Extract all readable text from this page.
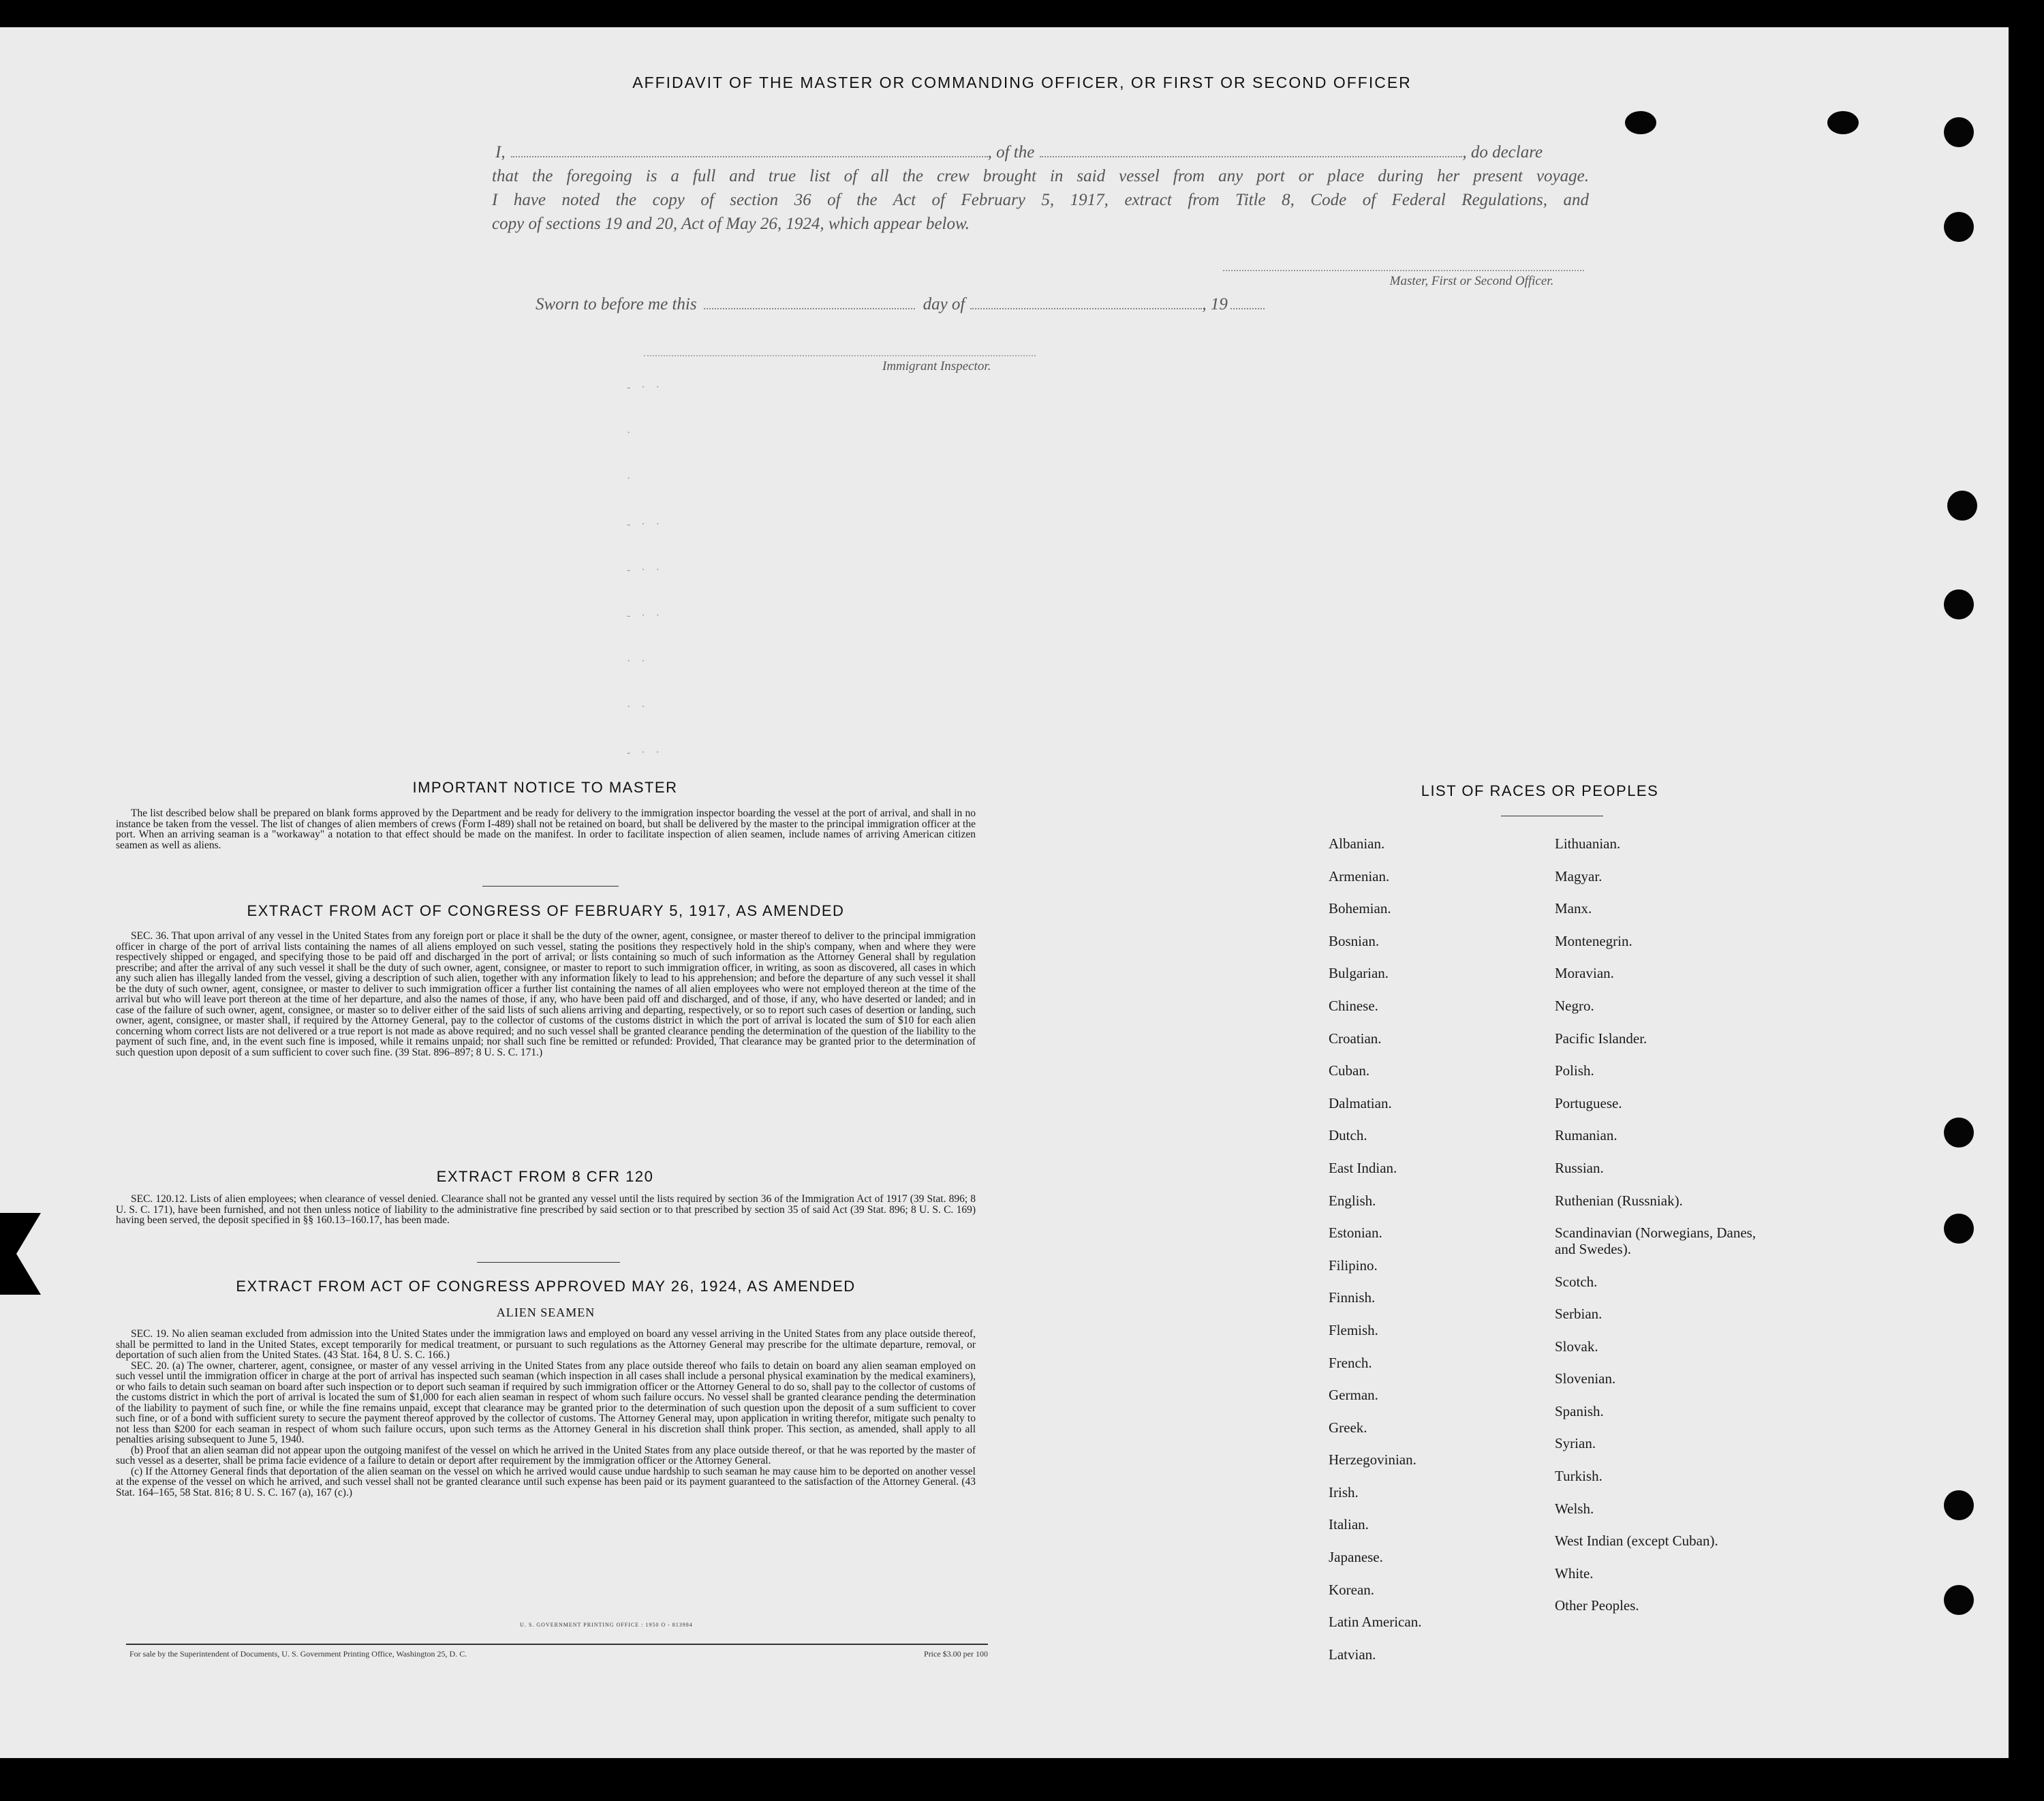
AFFIDAVIT OF THE MASTER OR COMMANDING OFFICER, OR FIRST OR SECOND OFFICER
I,	, of the	, do declare
that the foregoing is a full and true list of all the crew brought in said vessel from any port or place during her present voyage.
I have noted the copy of section 36 of the Act of February 5, 1917, extract from Title 8, Code of Federal Regulations, and
copy of sections 19 and 20, Act of May 26, 1924, which appear below.
Master, First or Second Officer.
Sworn to before me this	day of	, 19
Immigrant Inspector.
- · ·
·
·
- · ·
- · ·
- · ·
· ·
· ·
- · ·
IMPORTANT NOTICE TO MASTER

The list described below shall be prepared on blank forms approved by the Department and be ready for delivery to the immigration inspector boarding the vessel at the port of arrival, and shall in no instance be taken from the vessel. The list of changes of alien members of crews (Form I-489) shall not be retained on board, but shall be delivered by the master to the principal immigration officer at the port. When an arriving seaman is a "workaway" a notation to that effect should be made on the manifest. In order to facilitate inspection of alien seamen, include names of arriving American citizen seamen as well as aliens.

EXTRACT FROM ACT OF CONGRESS OF FEBRUARY 5, 1917, AS AMENDED

SEC. 36. That upon arrival of any vessel in the United States from any foreign port or place it shall be the duty of the owner, agent, consignee, or master thereof to deliver to the principal immigration officer in charge of the port of arrival lists containing the names of all aliens employed on such vessel, stating the positions they respectively hold in the ship's company, when and where they were respectively shipped or engaged, and specifying those to be paid off and discharged in the port of arrival; or lists containing so much of such information as the Attorney General shall by regulation prescribe; and after the arrival of any such vessel it shall be the duty of such owner, agent, consignee, or master to report to such immigration officer, in writing, as soon as discovered, all cases in which any such alien has illegally landed from the vessel, giving a description of such alien, together with any information likely to lead to his apprehension; and before the departure of any such vessel it shall be the duty of such owner, agent, consignee, or master to deliver to such immigration officer a further list containing the names of all alien employees who were not employed thereon at the time of the arrival but who will leave port thereon at the time of her departure, and also the names of those, if any, who have been paid off and discharged, and of those, if any, who have deserted or landed; and in case of the failure of such owner, agent, consignee, or master so to deliver either of the said lists of such aliens arriving and departing, respectively, or so to report such cases of desertion or landing, such owner, agent, consignee, or master shall, if required by the Attorney General, pay to the collector of customs of the customs district in which the port of arrival is located the sum of $10 for each alien concerning whom correct lists are not delivered or a true report is not made as above required; and no such vessel shall be granted clearance pending the determination of the question of the liability to the payment of such fine, and, in the event such fine is imposed, while it remains unpaid; nor shall such fine be remitted or refunded: Provided, That clearance may be granted prior to the determination of such question upon deposit of a sum sufficient to cover such fine. (39 Stat. 896–897; 8 U. S. C. 171.)

EXTRACT FROM 8 CFR 120

SEC. 120.12. Lists of alien employees; when clearance of vessel denied. Clearance shall not be granted any vessel until the lists required by section 36 of the Immigration Act of 1917 (39 Stat. 896; 8 U. S. C. 171), have been furnished, and not then unless notice of liability to the administrative fine prescribed by said section or to that prescribed by section 35 of said Act (39 Stat. 896; 8 U. S. C. 169) having been served, the deposit specified in §§ 160.13–160.17, has been made.

EXTRACT FROM ACT OF CONGRESS APPROVED MAY 26, 1924, AS AMENDED
ALIEN SEAMEN

SEC. 19. No alien seaman excluded from admission into the United States under the immigration laws and employed on board any vessel arriving in the United States from any place outside thereof, shall be permitted to land in the United States, except temporarily for medical treatment, or pursuant to such regulations as the Attorney General may prescribe for the ultimate departure, removal, or deportation of such alien from the United States. (43 Stat. 164, 8 U. S. C. 166.)

SEC. 20. (a) The owner, charterer, agent, consignee, or master of any vessel arriving in the United States from any place outside thereof who fails to detain on board any alien seaman employed on such vessel until the immigration officer in charge at the port of arrival has inspected such seaman (which inspection in all cases shall include a personal physical examination by the medical examiners), or who fails to detain such seaman on board after such inspection or to deport such seaman if required by such immigration officer or the Attorney General to do so, shall pay to the collector of customs of the customs district in which the port of arrival is located the sum of $1,000 for each alien seaman in respect of whom such failure occurs. No vessel shall be granted clearance pending the determination of the liability to payment of such fine, or while the fine remains unpaid, except that clearance may be granted prior to the determination of such question upon the deposit of a sum sufficient to cover such fine, or of a bond with sufficient surety to secure the payment thereof approved by the collector of customs. The Attorney General may, upon application in writing therefor, mitigate such penalty to not less than $200 for each seaman in respect of whom such failure occurs, upon such terms as the Attorney General in his discretion shall think proper. This section, as amended, shall apply to all penalties arising subsequent to June 5, 1940.

(b) Proof that an alien seaman did not appear upon the outgoing manifest of the vessel on which he arrived in the United States from any place outside thereof, or that he was reported by the master of such vessel as a deserter, shall be prima facie evidence of a failure to detain or deport after requirement by the immigration officer or the Attorney General.

(c) If the Attorney General finds that deportation of the alien seaman on the vessel on which he arrived would cause undue hardship to such seaman he may cause him to be deported on another vessel at the expense of the vessel on which he arrived, and such vessel shall not be granted clearance until such expense has been paid or its payment guaranteed to the satisfaction of the Attorney General. (43 Stat. 164–165, 58 Stat. 816; 8 U. S. C. 167 (a), 167 (c).)

U. S. GOVERNMENT PRINTING OFFICE : 1950 O - 813984
For sale by the Superintendent of Documents, U. S. Government Printing Office, Washington 25, D. C.	Price $3.00 per 100
LIST OF RACES OR PEOPLES
Albanian.
Armenian.
Bohemian.
Bosnian.
Bulgarian.
Chinese.
Croatian.
Cuban.
Dalmatian.
Dutch.
East Indian.
English.
Estonian.
Filipino.
Finnish.
Flemish.
French.
German.
Greek.
Herzegovinian.
Irish.
Italian.
Japanese.
Korean.
Latin American.
Latvian.
Lithuanian.
Magyar.
Manx.
Montenegrin.
Moravian.
Negro.
Pacific Islander.
Polish.
Portuguese.
Rumanian.
Russian.
Ruthenian (Russniak).
Scandinavian (Norwegians, Danes, and Swedes).
Scotch.
Serbian.
Slovak.
Slovenian.
Spanish.
Syrian.
Turkish.
Welsh.
West Indian (except Cuban).
White.
Other Peoples.
